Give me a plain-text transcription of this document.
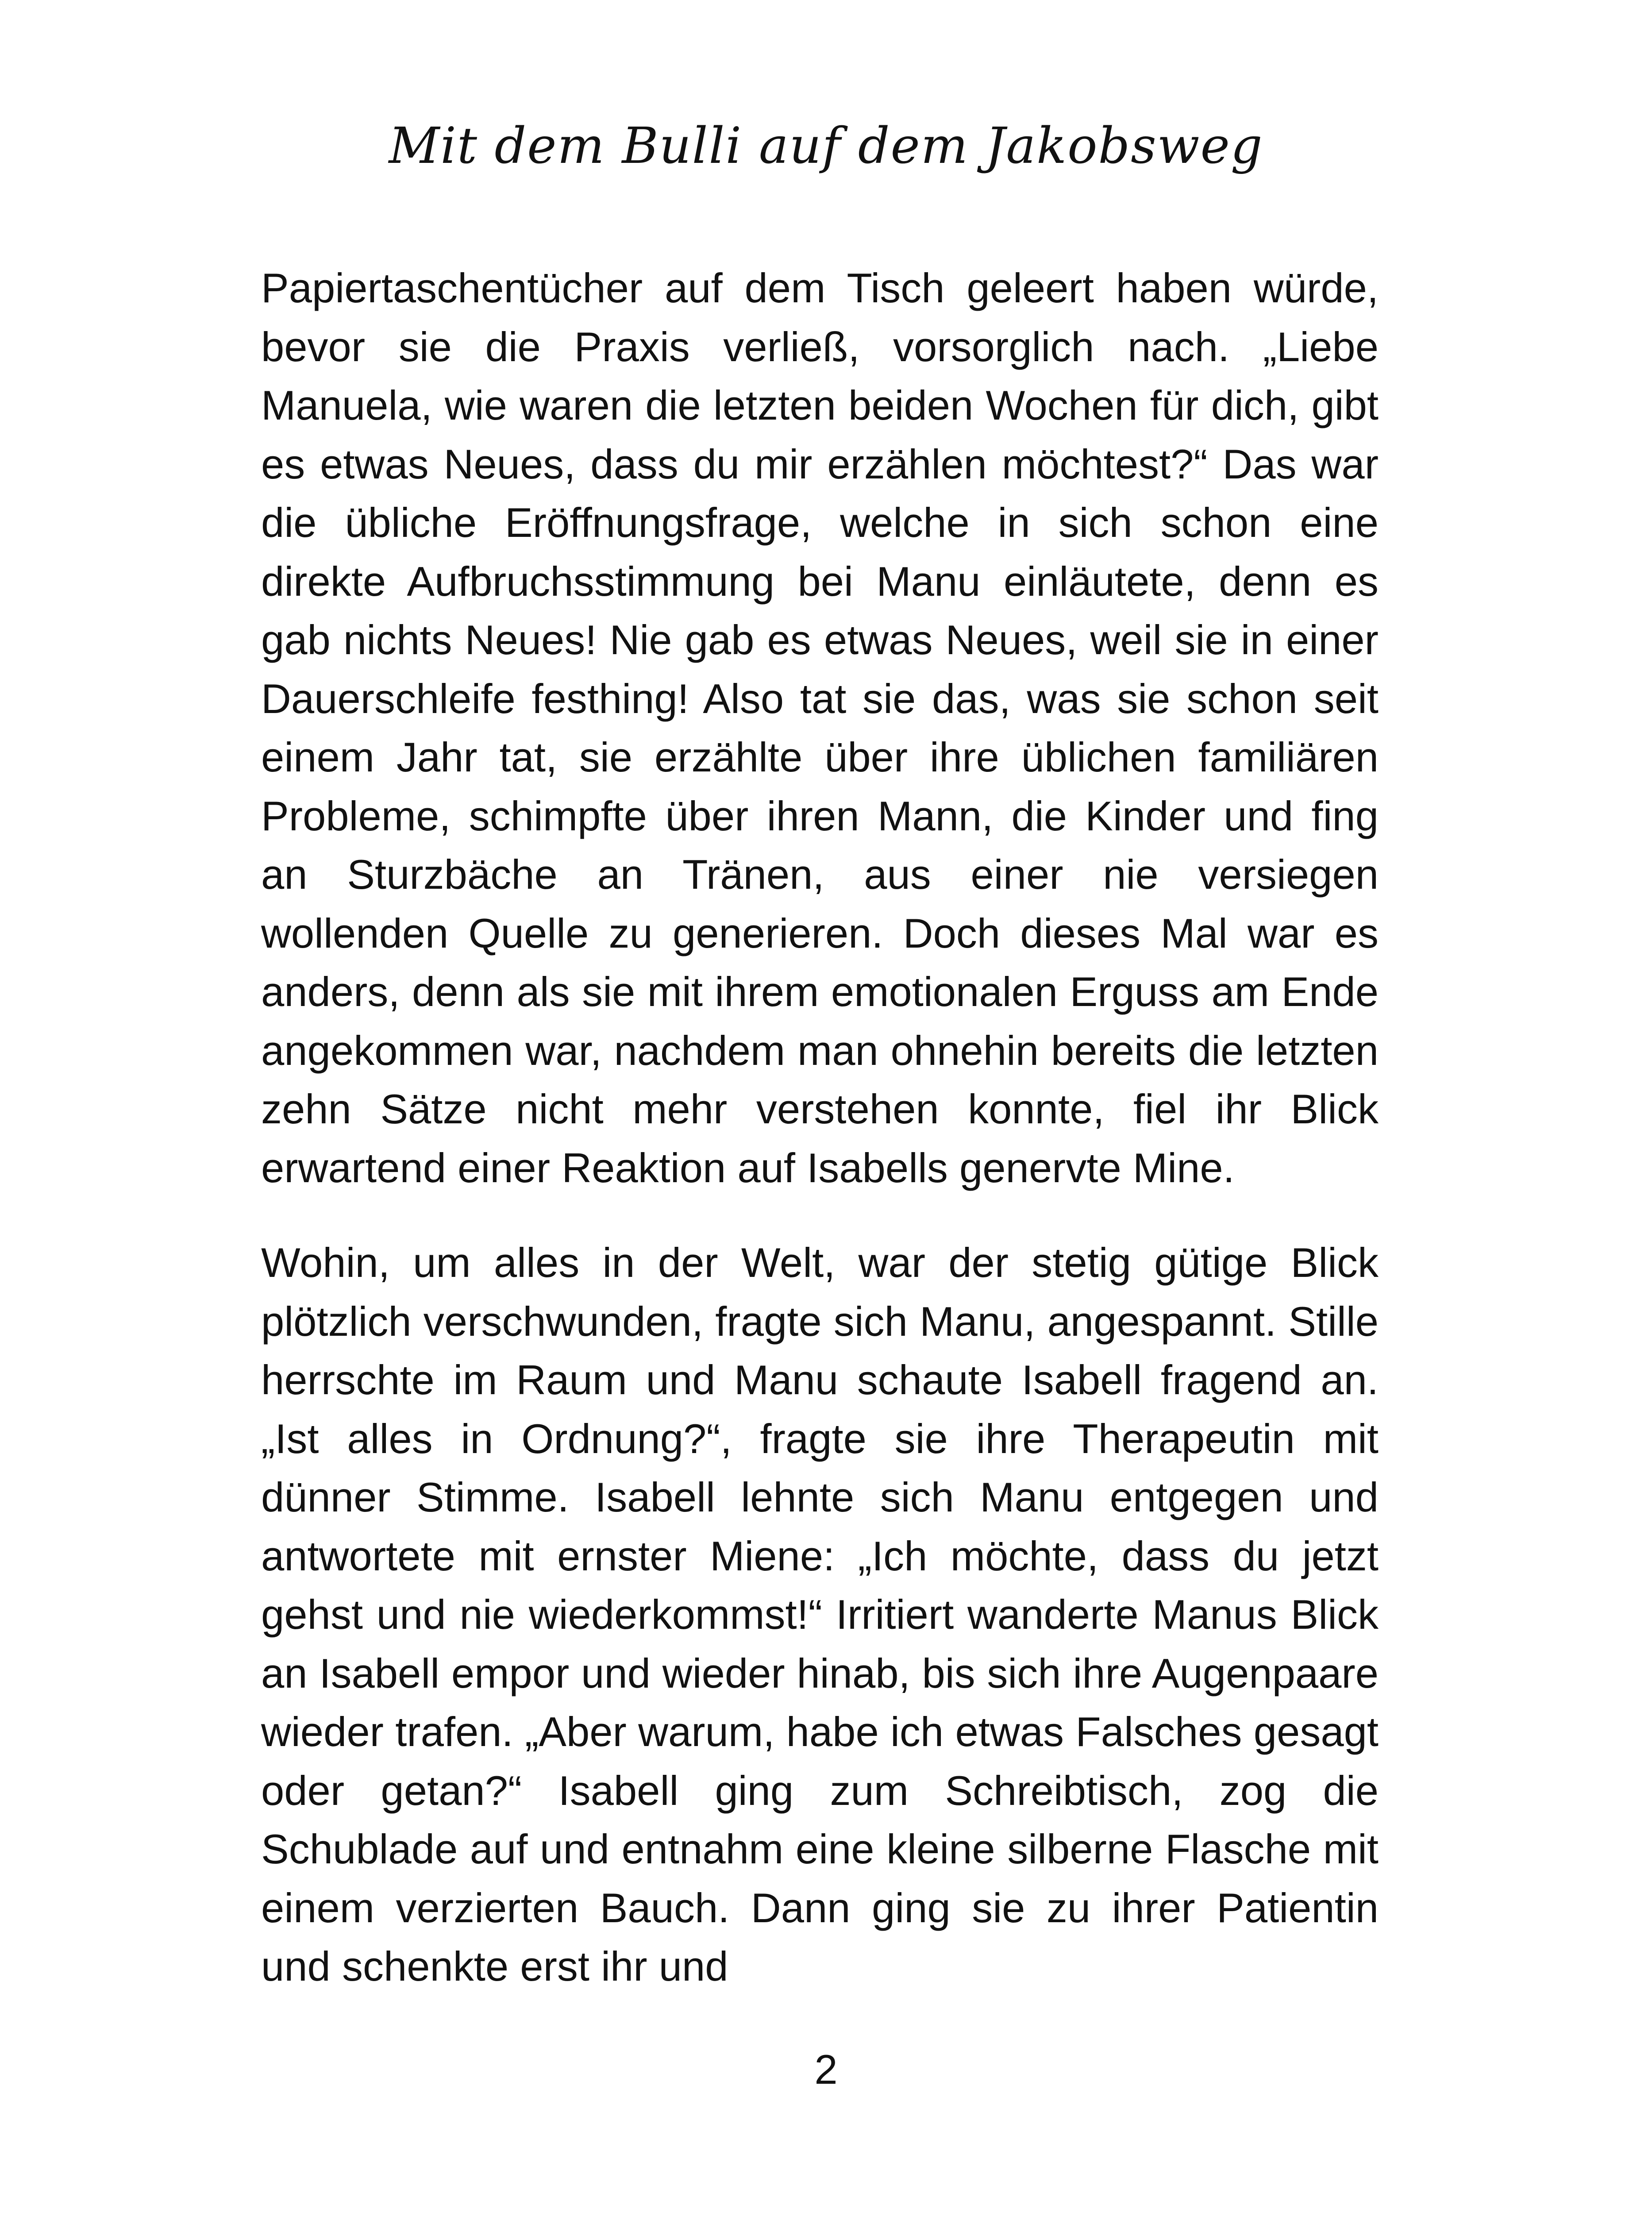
Mit dem Bulli auf dem Jakobsweg

Papiertaschentücher auf dem Tisch geleert haben würde, bevor sie die Praxis verließ, vorsorglich nach. „Liebe Manuela, wie waren die letzten beiden Wochen für dich, gibt es etwas Neues, dass du mir erzählen möchtest?“ Das war die übliche Eröffnungsfrage, welche in sich schon eine direkte Aufbruchsstimmung bei Manu einläutete, denn es gab nichts Neues! Nie gab es etwas Neues, weil sie in einer Dauerschleife festhing! Also tat sie das, was sie schon seit einem Jahr tat, sie erzählte über ihre üblichen familiären Probleme, schimpfte über ihren Mann, die Kinder und fing an Sturzbäche an Tränen, aus einer nie versiegen wollenden Quelle zu generieren. Doch dieses Mal war es anders, denn als sie mit ihrem emotionalen Erguss am Ende angekommen war, nachdem man ohnehin bereits die letzten zehn Sätze nicht mehr verstehen konnte, fiel ihr Blick erwartend einer Reaktion auf Isabells genervte Mine.

Wohin, um alles in der Welt, war der stetig gütige Blick plötzlich verschwunden, fragte sich Manu, angespannt. Stille herrschte im Raum und Manu schaute Isabell fragend an. „Ist alles in Ordnung?“, fragte sie ihre Therapeutin mit dünner Stimme. Isabell lehnte sich Manu entgegen und antwortete mit ernster Miene: „Ich möchte, dass du jetzt gehst und nie wiederkommst!“ Irritiert wanderte Manus Blick an Isabell empor und wieder hinab, bis sich ihre Augenpaare wieder trafen. „Aber warum, habe ich etwas Falsches gesagt oder getan?“ Isabell ging zum Schreibtisch, zog die Schublade auf und entnahm eine kleine silberne Flasche mit einem verzierten Bauch. Dann ging sie zu ihrer Patientin und schenkte erst ihr und

2
